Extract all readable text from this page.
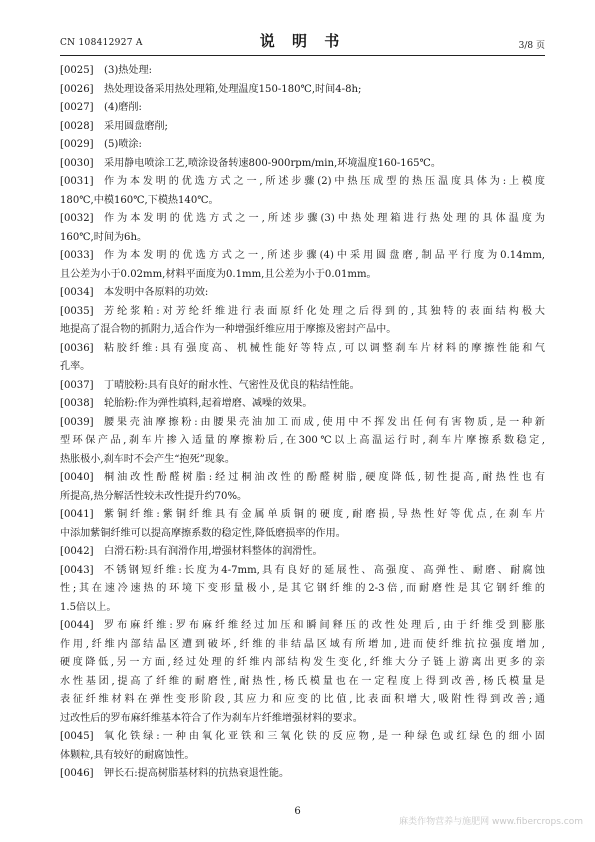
CN 108412927 A	说 明 书	3/8 页
[0025]	(3)热处理:
[0026]	热处理设备采用热处理箱,处理温度150-180℃,时间4-8h;
[0027]	(4)磨削:
[0028]	采用圆盘磨削;
[0029]	(5)喷涂:
[0030]	采用静电喷涂工艺,喷涂设备转速800-900rpm/min,环境温度160-165℃。
[0031]	作为本发明的优选方式之一,所述步骤(2)中热压成型的热压温度具体为:上模度
180℃,中模160℃,下模热140℃。
[0032]	作为本发明的优选方式之一,所述步骤(3)中热处理箱进行热处理的具体温度为
160℃,时间为6h。
[0033]	作为本发明的优选方式之一,所述步骤(4)中采用圆盘磨,制品平行度为0.14mm,
且公差为小于0.02mm,材料平面度为0.1mm,且公差为小于0.01mm。
[0034]	本发明中各原料的功效:
[0035]	芳纶浆粕:对芳纶纤维进行表面原纤化处理之后得到的,其独特的表面结构极大
地提高了混合物的抓附力,适合作为一种增强纤维应用于摩擦及密封产品中。
[0036]	粘胶纤维:具有强度高、机械性能好等特点,可以调整刹车片材料的摩擦性能和气
孔率。
[0037]	丁晴胶粉:具有良好的耐水性、气密性及优良的粘结性能。
[0038]	轮胎粉:作为弹性填料,起着增磨、减噪的效果。
[0039]	腰果壳油摩擦粉:由腰果壳油加工而成,使用中不挥发出任何有害物质,是一种新
型环保产品,刹车片掺入适量的摩擦粉后,在300℃以上高温运行时,刹车片摩擦系数稳定,
热胀极小,刹车时不会产生“抱死”现象。
[0040]	桐油改性酚醛树脂:经过桐油改性的酚醛树脂,硬度降低,韧性提高,耐热性也有
所提高,热分解活性较未改性提升约70%。
[0041]	紫铜纤维:紫铜纤维具有金属单质铜的硬度,耐磨损,导热性好等优点,在刹车片
中添加紫铜纤维可以提高摩擦系数的稳定性,降低磨损率的作用。
[0042]	白滑石粉:具有润滑作用,增强材料整体的润滑性。
[0043]	不锈钢短纤维:长度为4-7mm,具有良好的延展性、高强度、高弹性、耐磨、耐腐蚀
性;其在速冷速热的环境下变形量极小,是其它钢纤维的2-3倍,而耐磨性是其它钢纤维的
1.5倍以上。
[0044]	罗布麻纤维:罗布麻纤维经过加压和瞬间释压的改性处理后,由于纤维受到膨胀
作用,纤维内部结晶区遭到破坏,纤维的非结晶区域有所增加,进而使纤维抗拉强度增加,
硬度降低,另一方面,经过处理的纤维内部结构发生变化,纤维大分子链上游离出更多的亲
水性基团,提高了纤维的耐磨性,耐热性,杨氏模量也在一定程度上得到改善,杨氏模量是
表征纤维材料在弹性变形阶段,其应力和应变的比值,比表面积增大,吸附性得到改善;通
过改性后的罗布麻纤维基本符合了作为刹车片纤维增强材料的要求。
[0045]	氧化铁绿:一种由氧化亚铁和三氧化铁的反应物,是一种绿色或红绿色的细小固
体颗粒,具有较好的耐腐蚀性。
[0046]	钾长石:提高树脂基材料的抗热衰退性能。
6
麻类作物营养与施肥网 www.fibercrops.com
